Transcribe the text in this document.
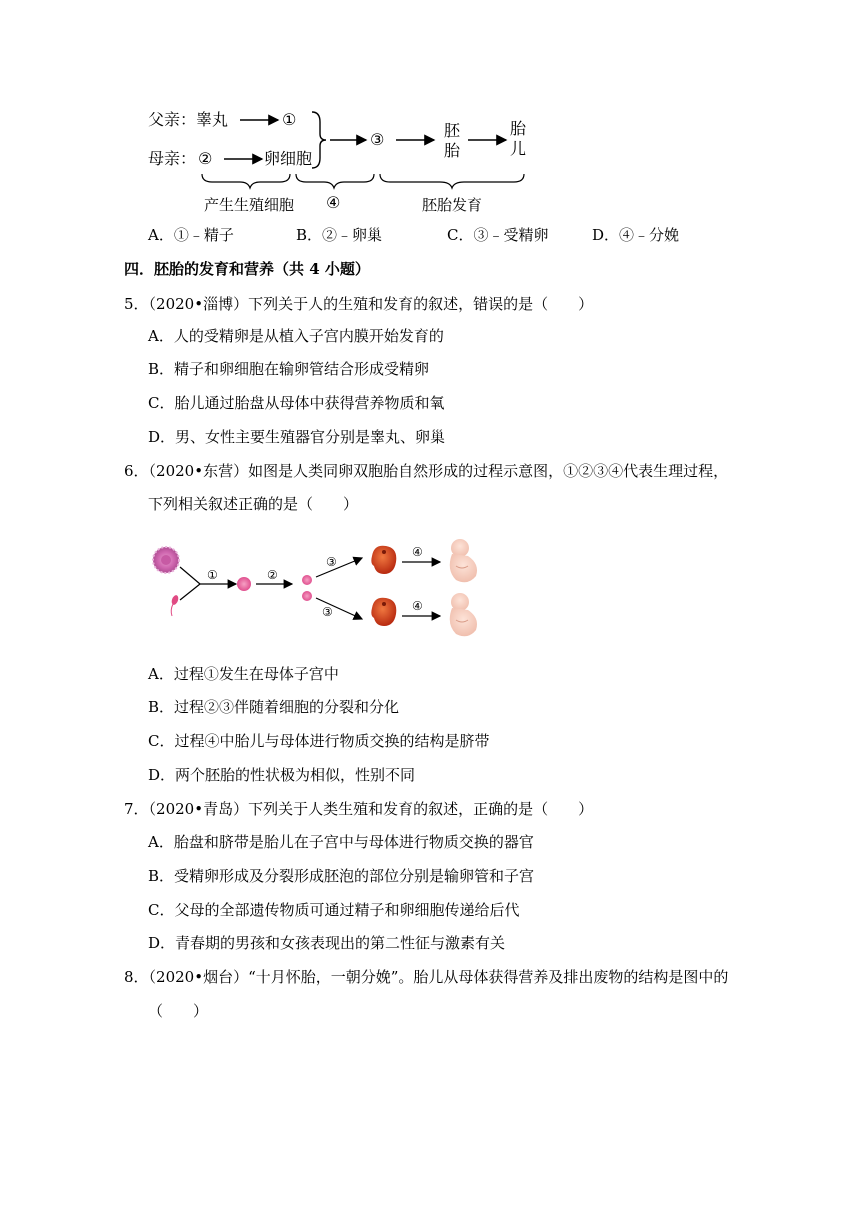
父亲：睾丸	①
母亲： ②	卵细胞
③	胚
胎
胎
儿
产生生殖细胞 ④	胚胎发育
A．①﹣精子	B．②﹣卵巢	C．③﹣受精卵	D．④﹣分娩
四．胚胎的发育和营养（共 4 小题）
5．（2020•淄博）下列关于人的生殖和发育的叙述，错误的是（　　）
A．人的受精卵是从植入子宫内膜开始发育的
B．精子和卵细胞在输卵管结合形成受精卵
C．胎儿通过胎盘从母体中获得营养物质和氧
D．男、女性主要生殖器官分别是睾丸、卵巢
6．（2020•东营）如图是人类同卵双胞胎自然形成的过程示意图，①②③④代表生理过程，
下列相关叙述正确的是（　　）
①	②
③
③
④
④
A．过程①发生在母体子宫中
B．过程②③伴随着细胞的分裂和分化
C．过程④中胎儿与母体进行物质交换的结构是脐带
D．两个胚胎的性状极为相似，性别不同
7．（2020•青岛）下列关于人类生殖和发育的叙述，正确的是（　　）
A．胎盘和脐带是胎儿在子宫中与母体进行物质交换的器官
B．受精卵形成及分裂形成胚泡的部位分别是输卵管和子宫
C．父母的全部遗传物质可通过精子和卵细胞传递给后代
D．青春期的男孩和女孩表现出的第二性征与激素有关
8．（2020•烟台）“十月怀胎，一朝分娩”。胎儿从母体获得营养及排出废物的结构是图中的
（　　）
